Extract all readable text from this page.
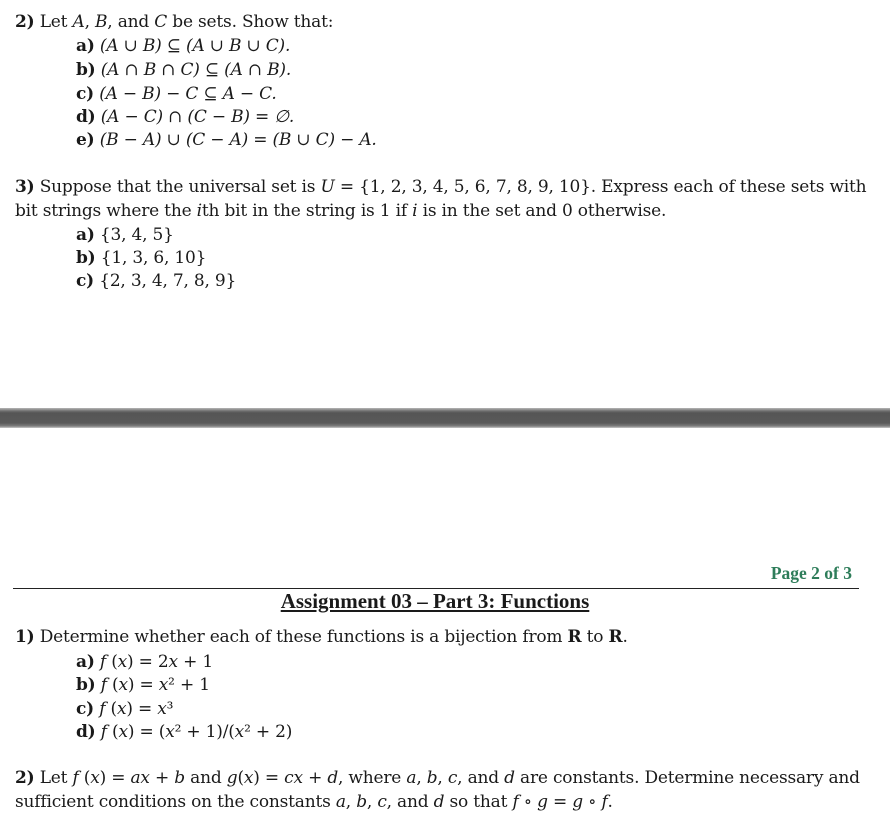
2) Let A, B, and C be sets. Show that:
a) (A ∪ B) ⊆ (A ∪ B ∪ C).
b) (A ∩ B ∩ C) ⊆ (A ∩ B).
c) (A − B) − C ⊆ A − C.
d) (A − C) ∩ (C − B) = ∅.
e) (B − A) ∪ (C − A) = (B ∪ C) − A.
3) Suppose that the universal set is U = {1, 2, 3, 4, 5, 6, 7, 8, 9, 10}. Express each of these sets with
bit strings where the ith bit in the string is 1 if i is in the set and 0 otherwise.
a) {3, 4, 5}
b) {1, 3, 6, 10}
c) {2, 3, 4, 7, 8, 9}
Page 2 of 3
Assignment 03 – Part 3: Functions
1) Determine whether each of these functions is a bijection from R to R.
a) f (x) = 2x + 1
b) f (x) = x² + 1
c) f (x) = x³
d) f (x) = (x² + 1)/(x² + 2)
2) Let f (x) = ax + b and g(x) = cx + d, where a, b, c, and d are constants. Determine necessary and
sufficient conditions on the constants a, b, c, and d so that f ∘ g = g ∘ f.
